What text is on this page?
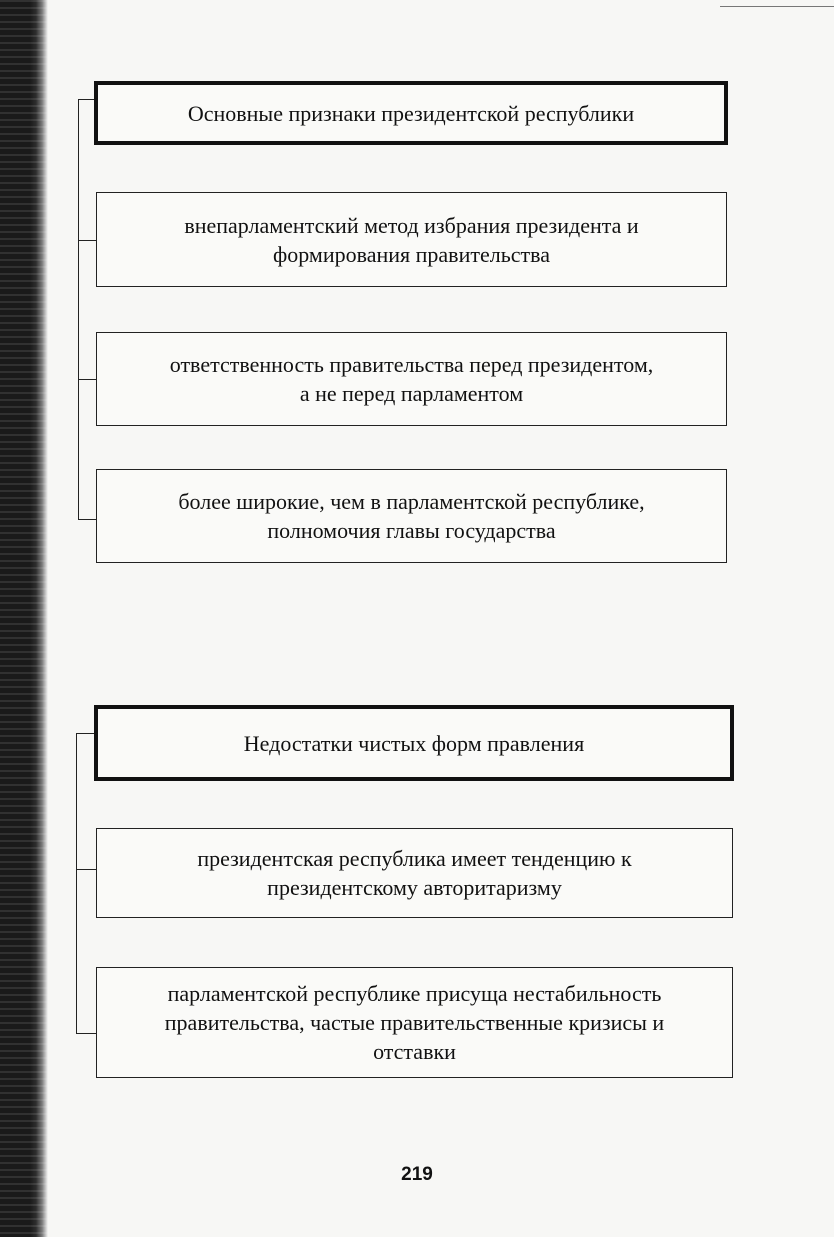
Основные признаки президентской республики
внепарламентский метод избрания президента и
формирования правительства
ответственность правительства перед президентом,
а не перед парламентом
более широкие, чем в парламентской республике,
полномочия главы государства
Недостатки чистых форм правления
президентская республика имеет тенденцию к
президентскому авторитаризму
парламентской республике присуща нестабильность
правительства, частые правительственные кризисы и
отставки
219
